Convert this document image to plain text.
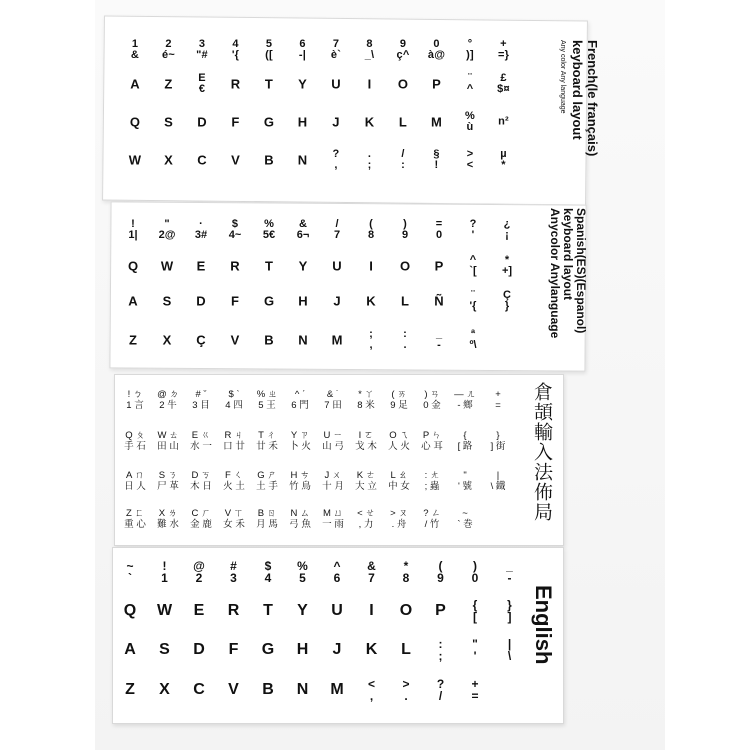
French(le français)
keyboard layout
Any color Any language
Spanish(ES)(Espanol)
keyboard layout
Anycolor Anylanguage
倉頡輸入法佈局
English
1
&
2
é~
3
"#
4
'{
5
([
6
-|
7
è`
8
_\
9
ç^
0
à@
°
)]
+
=}
A Z E
€ R T Y U I O P ¨
^
£
$¤
Q S D F G H J K L M %
ù n²
W X C V B N ?
,
.
;
/
:
§
!
>
<
µ
*
!
1|
"
2@
·
3#
$
4~
%
5€
&
6¬
/
7
(
8
)
9
=
0
?
'
¿
¡
Q W E R T Y U I O P ^
`[
*
+]
A S D F G H J K L Ñ ¨
'{
Ç
}
Z X Ç V B N M ;
,
:
.
_
-
ª
º\
! ㄅ
1 言
@ ㄉ
2 牛
# ˇ
3 目
$ ˋ
4 四
% ㄓ
5 王
^ ˊ
6 門
& ˙
7 田
* ㄚ
8 米
( ㄞ
9 足
) ㄢ
0 金
— ㄦ
- 鄉
+
=
Q ㄆ
手 石
W ㄊ
田 山
E ㄍ
水 一
R ㄐ
口 廿
T ㄔ
廿 禾
Y ㄗ
卜 火
U ㄧ
山 弓
I ㄛ
戈 木
O ㄟ
人 火
P ㄣ
心 耳
{
[ 路
}
] 街
A ㄇ
日 人
S ㄋ
尸 革
D ㄎ
木 日
F ㄑ
火 土
G ㄕ
土 手
H ㄘ
竹 鳥
J ㄨ
十 月
K ㄜ
大 立
L ㄠ
中 女
: ㄤ
; 蟲
"
' 號
|
\ 鐵
Z ㄈ
重 心
X ㄌ
難 水
C ㄏ
金 鹿
V ㄒ
女 禾
B ㄖ
月 馬
N ㄙ
弓 魚
M ㄩ
一 雨
< ㄝ
, 力
> ㄡ
. 舟
? ㄥ
/ 竹
~
` 巻
~
`
!
1
@
2
#
3
$
4
%
5
^
6
&
7
*
8
(
9
)
0
_
-
Q W E R T Y U I O P {
[
}
]
A S D F G H J K L :
;
"
'
|
\
Z X C V B N M <
,
>
.
?
/
+
=
